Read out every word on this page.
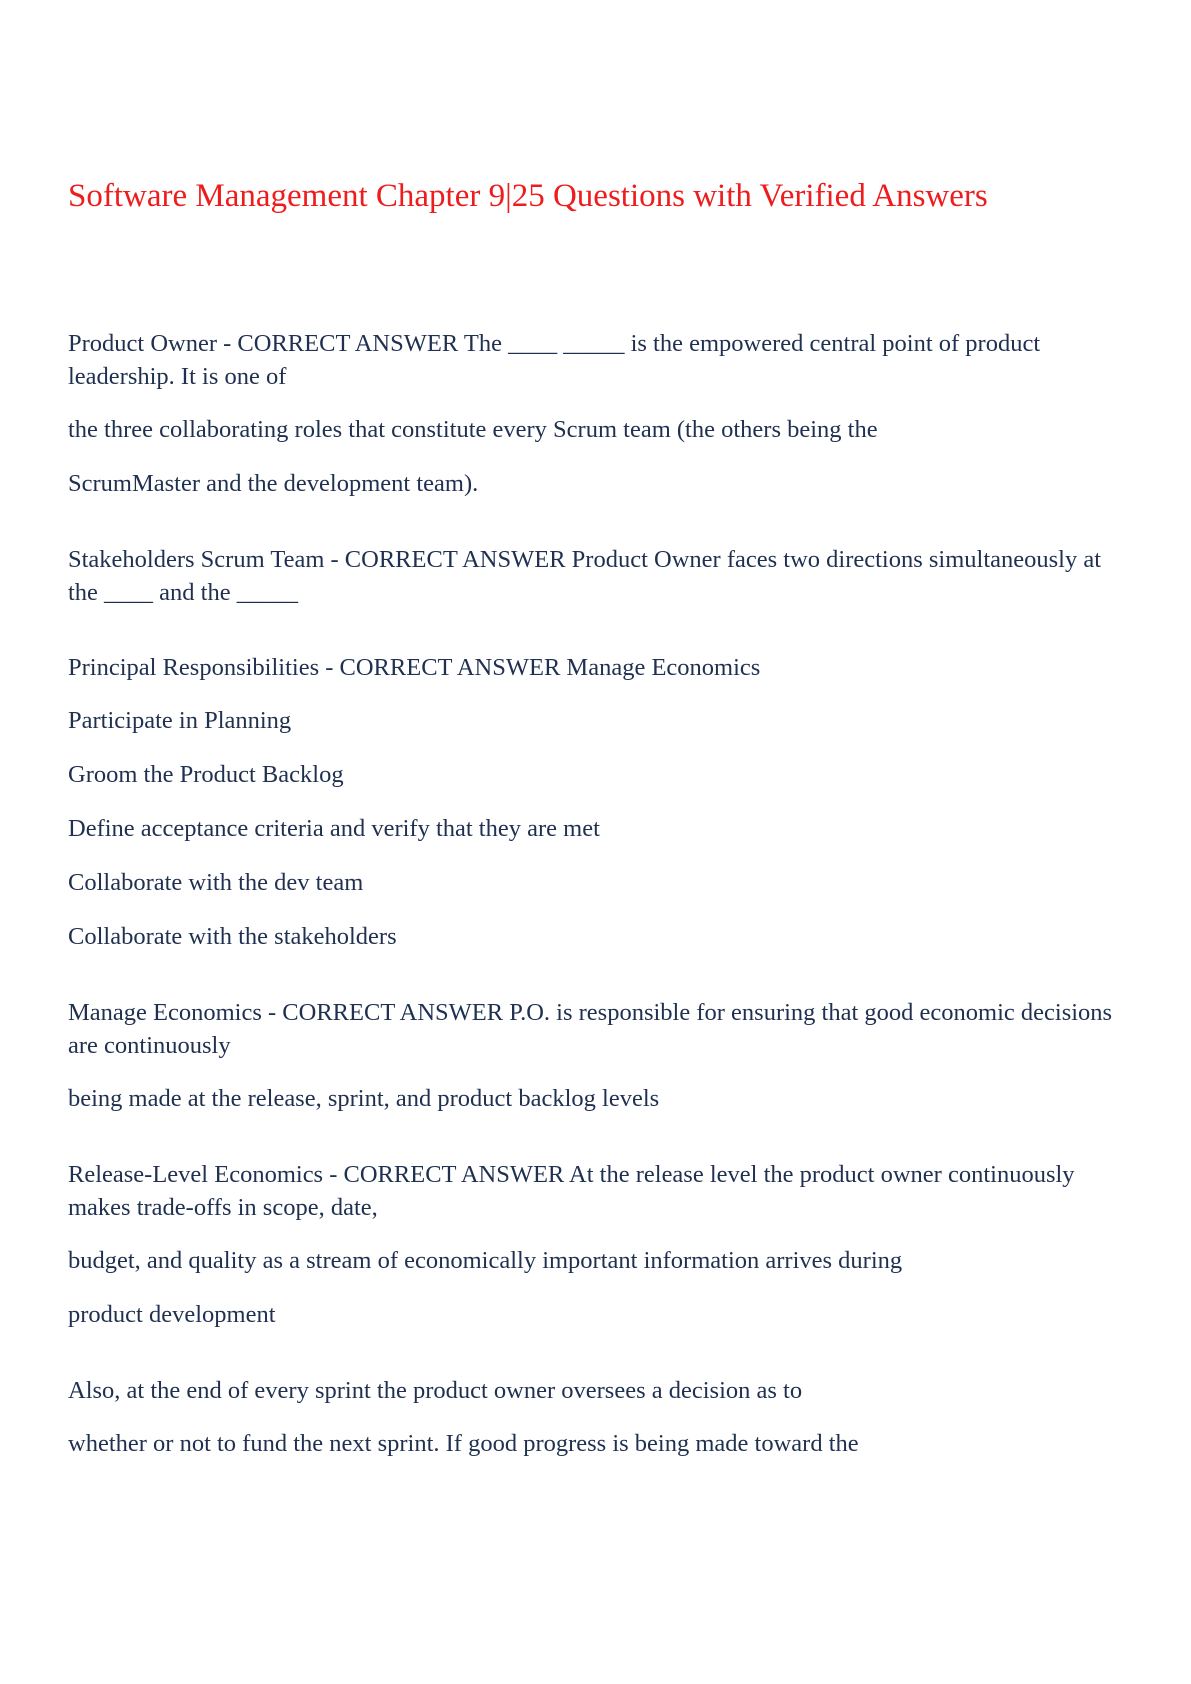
Software Management Chapter 9|25 Questions with Verified Answers

Product Owner - CORRECT ANSWER The ____ _____ is the empowered central point of product leadership. It is one of

the three collaborating roles that constitute every Scrum team (the others being the

ScrumMaster and the development team).

Stakeholders Scrum Team - CORRECT ANSWER Product Owner faces two directions simultaneously at the ____ and the _____

Principal Responsibilities - CORRECT ANSWER Manage Economics

Participate in Planning

Groom the Product Backlog

Define acceptance criteria and verify that they are met

Collaborate with the dev team

Collaborate with the stakeholders

Manage Economics - CORRECT ANSWER P.O. is responsible for ensuring that good economic decisions are continuously

being made at the release, sprint, and product backlog levels

Release-Level Economics - CORRECT ANSWER At the release level the product owner continuously makes trade-offs in scope, date,

budget, and quality as a stream of economically important information arrives during

product development

Also, at the end of every sprint the product owner oversees a decision as to

whether or not to fund the next sprint. If good progress is being made toward the
